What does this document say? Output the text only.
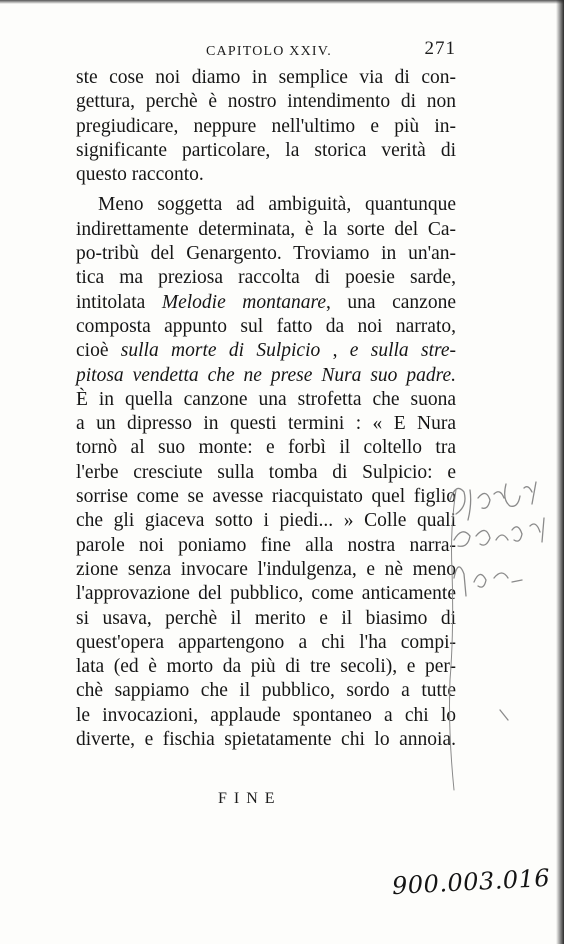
CAPITOLO XXIV.	271
ste cose noi diamo in semplice via di con-
gettura, perchè è nostro intendimento di non
pregiudicare, neppure nell'ultimo e più in-
significante particolare, la storica verità di
questo racconto.
Meno soggetta ad ambiguità, quantunque
indirettamente determinata, è la sorte del Ca-
po-tribù del Genargento. Troviamo in un'an-
tica ma preziosa raccolta di poesie sarde,
intitolata Melodie montanare, una canzone
composta appunto sul fatto da noi narrato,
cioè sulla morte di Sulpicio , e sulla stre-
pitosa vendetta che ne prese Nura suo padre.
È in quella canzone una strofetta che suona
a un dipresso in questi termini : « E Nura
tornò al suo monte: e forbì il coltello tra
l'erbe cresciute sulla tomba di Sulpicio: e
sorrise come se avesse riacquistato quel figlio
che gli giaceva sotto i piedi... » Colle quali
parole noi poniamo fine alla nostra narra-
zione senza invocare l'indulgenza, e nè meno
l'approvazione del pubblico, come anticamente
si usava, perchè il merito e il biasimo di
quest'opera appartengono a chi l'ha compi-
lata (ed è morto da più di tre secoli), e per-
chè sappiamo che il pubblico, sordo a tutte
le invocazioni, applaude spontaneo a chi lo
diverte, e fischia spietatamente chi lo annoia.
FINE
900.003.016
